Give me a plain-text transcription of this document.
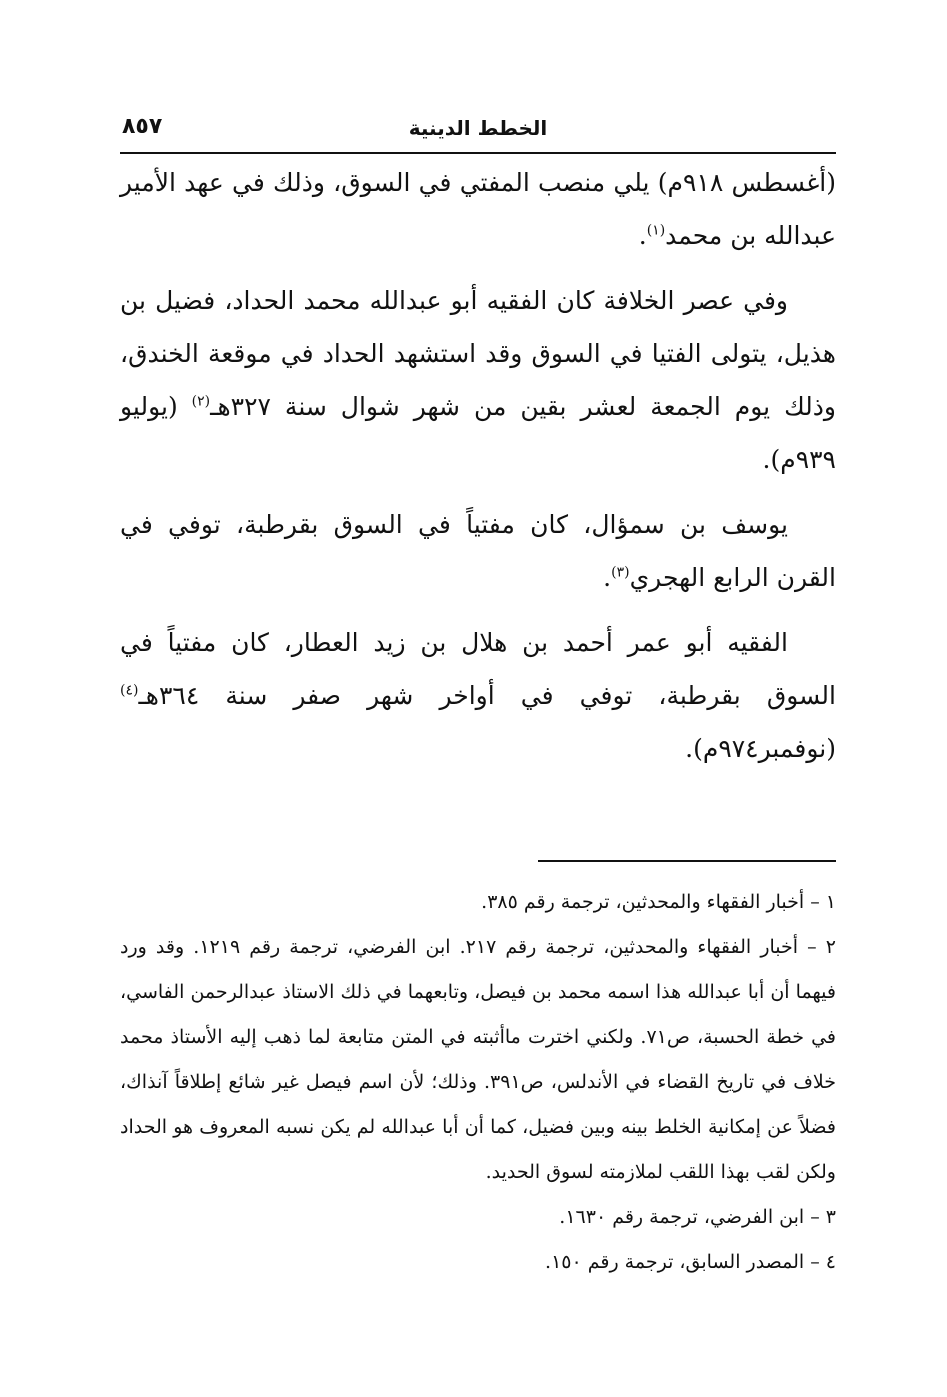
الخطط الدينية
٨٥٧

(أغسطس ٩١٨م) يلي منصب المفتي في السوق، وذلك في عهد الأمير عبدالله بن محمد$^{(١)}$.

وفي عصر الخلافة كان الفقيه أبو عبدالله محمد الحداد، فضيل بن هذيل، يتولى الفتيا في السوق وقد استشهد الحداد في موقعة الخندق، وذلك يوم الجمعة لعشر بقين من شهر شوال سنة ٣٢٧هـ$^{(٢)}$ (يوليو ٩٣٩م).

يوسف بن سمؤال، كان مفتياً في السوق بقرطبة، توفي في القرن الرابع الهجري$^{(٣)}$.

الفقيه أبو عمر أحمد بن هلال بن زيد العطار، كان مفتياً في السوق بقرطبة، توفي في أواخر شهر صفر سنة ٣٦٤هـ$^{(٤)}$ (نوفمبر٩٧٤م).

١ – أخبار الفقهاء والمحدثين، ترجمة رقم ٣٨٥.

٢ – أخبار الفقهاء والمحدثين، ترجمة رقم ٢١٧. ابن الفرضي، ترجمة رقم ١٢١٩. وقد ورد فيهما أن أبا عبدالله هذا اسمه محمد بن فيصل، وتابعهما في ذلك الاستاذ عبدالرحمن الفاسي، في خطة الحسبة، ص٧١. ولكني اخترت ماأثبته في المتن متابعة لما ذهب إليه الأستاذ محمد خلاف في تاريخ القضاء في الأندلس، ص٣٩١. وذلك؛ لأن اسم فيصل غير شائع إطلاقاً آنذاك، فضلاً عن إمكانية الخلط بينه وبين فضيل، كما أن أبا عبدالله لم يكن نسبه المعروف هو الحداد ولكن لقب بهذا اللقب لملازمته لسوق الحديد.

٣ – ابن الفرضي، ترجمة رقم ١٦٣٠.

٤ – المصدر السابق، ترجمة رقم ١٥٠.
